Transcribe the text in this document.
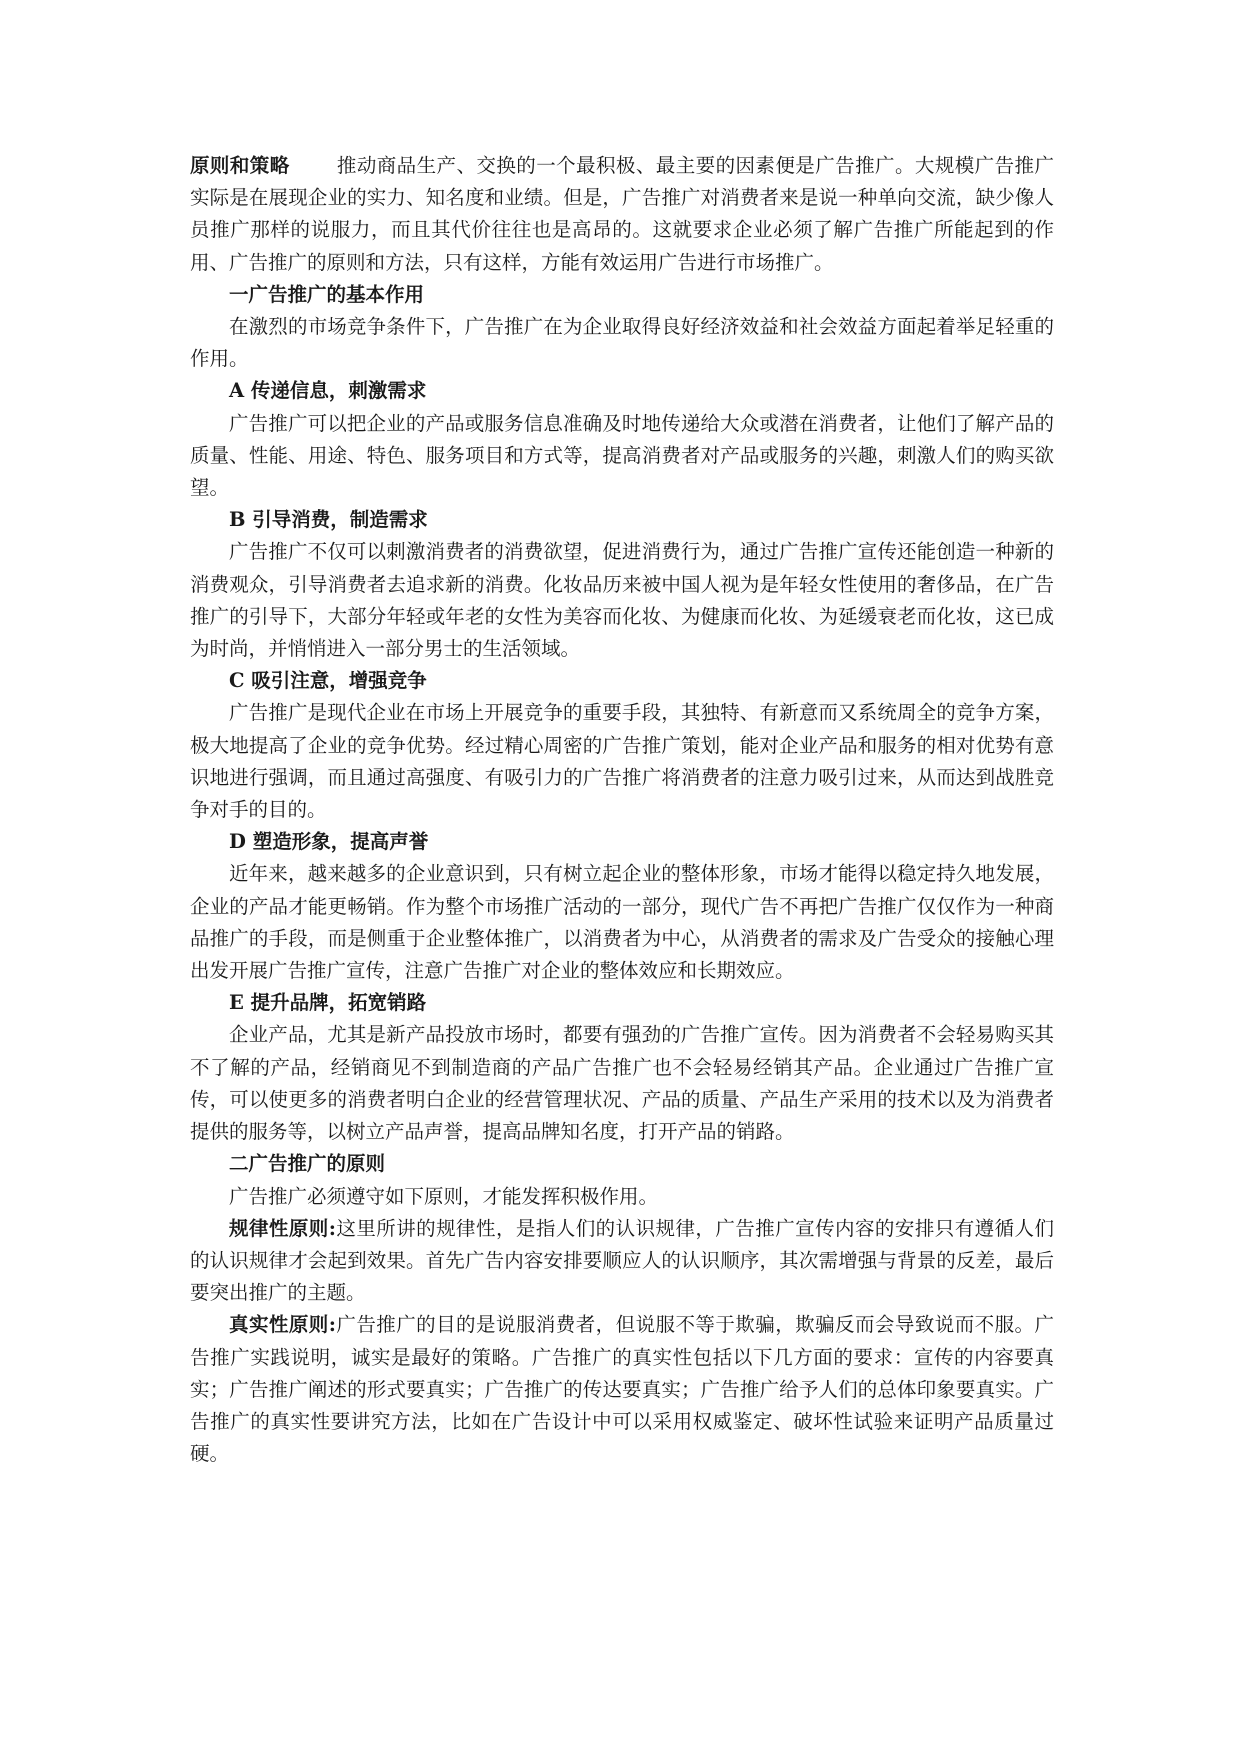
原则和策略 推动商品生产、交换的一个最积极、最主要的因素便是广告推广。大规模广告推广实际是在展现企业的实力、知名度和业绩。但是，广告推广对消费者来是说一种单向交流，缺少像人员推广那样的说服力，而且其代价往往也是高昂的。这就要求企业必须了解广告推广所能起到的作用、广告推广的原则和方法，只有这样，方能有效运用广告进行市场推广。

一广告推广的基本作用

在激烈的市场竞争条件下，广告推广在为企业取得良好经济效益和社会效益方面起着举足轻重的作用。

A 传递信息，刺激需求

广告推广可以把企业的产品或服务信息准确及时地传递给大众或潜在消费者，让他们了解产品的质量、性能、用途、特色、服务项目和方式等，提高消费者对产品或服务的兴趣，刺激人们的购买欲望。

B 引导消费，制造需求

广告推广不仅可以刺激消费者的消费欲望，促进消费行为，通过广告推广宣传还能创造一种新的消费观众，引导消费者去追求新的消费。化妆品历来被中国人视为是年轻女性使用的奢侈品，在广告推广的引导下，大部分年轻或年老的女性为美容而化妆、为健康而化妆、为延缓衰老而化妆，这已成为时尚，并悄悄进入一部分男士的生活领域。

C 吸引注意，增强竞争

广告推广是现代企业在市场上开展竞争的重要手段，其独特、有新意而又系统周全的竞争方案，极大地提高了企业的竞争优势。经过精心周密的广告推广策划，能对企业产品和服务的相对优势有意识地进行强调，而且通过高强度、有吸引力的广告推广将消费者的注意力吸引过来，从而达到战胜竞争对手的目的。

D 塑造形象，提高声誉

近年来，越来越多的企业意识到，只有树立起企业的整体形象，市场才能得以稳定持久地发展，企业的产品才能更畅销。作为整个市场推广活动的一部分，现代广告不再把广告推广仅仅作为一种商品推广的手段，而是侧重于企业整体推广，以消费者为中心，从消费者的需求及广告受众的接触心理出发开展广告推广宣传，注意广告推广对企业的整体效应和长期效应。

E 提升品牌，拓宽销路

企业产品，尤其是新产品投放市场时，都要有强劲的广告推广宣传。因为消费者不会轻易购买其不了解的产品，经销商见不到制造商的产品广告推广也不会轻易经销其产品。企业通过广告推广宣传，可以使更多的消费者明白企业的经营管理状况、产品的质量、产品生产采用的技术以及为消费者提供的服务等，以树立产品声誉，提高品牌知名度，打开产品的销路。

二广告推广的原则

广告推广必须遵守如下原则，才能发挥积极作用。

规律性原则:这里所讲的规律性，是指人们的认识规律，广告推广宣传内容的安排只有遵循人们的认识规律才会起到效果。首先广告内容安排要顺应人的认识顺序，其次需增强与背景的反差，最后要突出推广的主题。

真实性原则:广告推广的目的是说服消费者，但说服不等于欺骗，欺骗反而会导致说而不服。广告推广实践说明，诚实是最好的策略。广告推广的真实性包括以下几方面的要求：宣传的内容要真实；广告推广阐述的形式要真实；广告推广的传达要真实；广告推广给予人们的总体印象要真实。广告推广的真实性要讲究方法，比如在广告设计中可以采用权威鉴定、破坏性试验来证明产品质量过硬。
